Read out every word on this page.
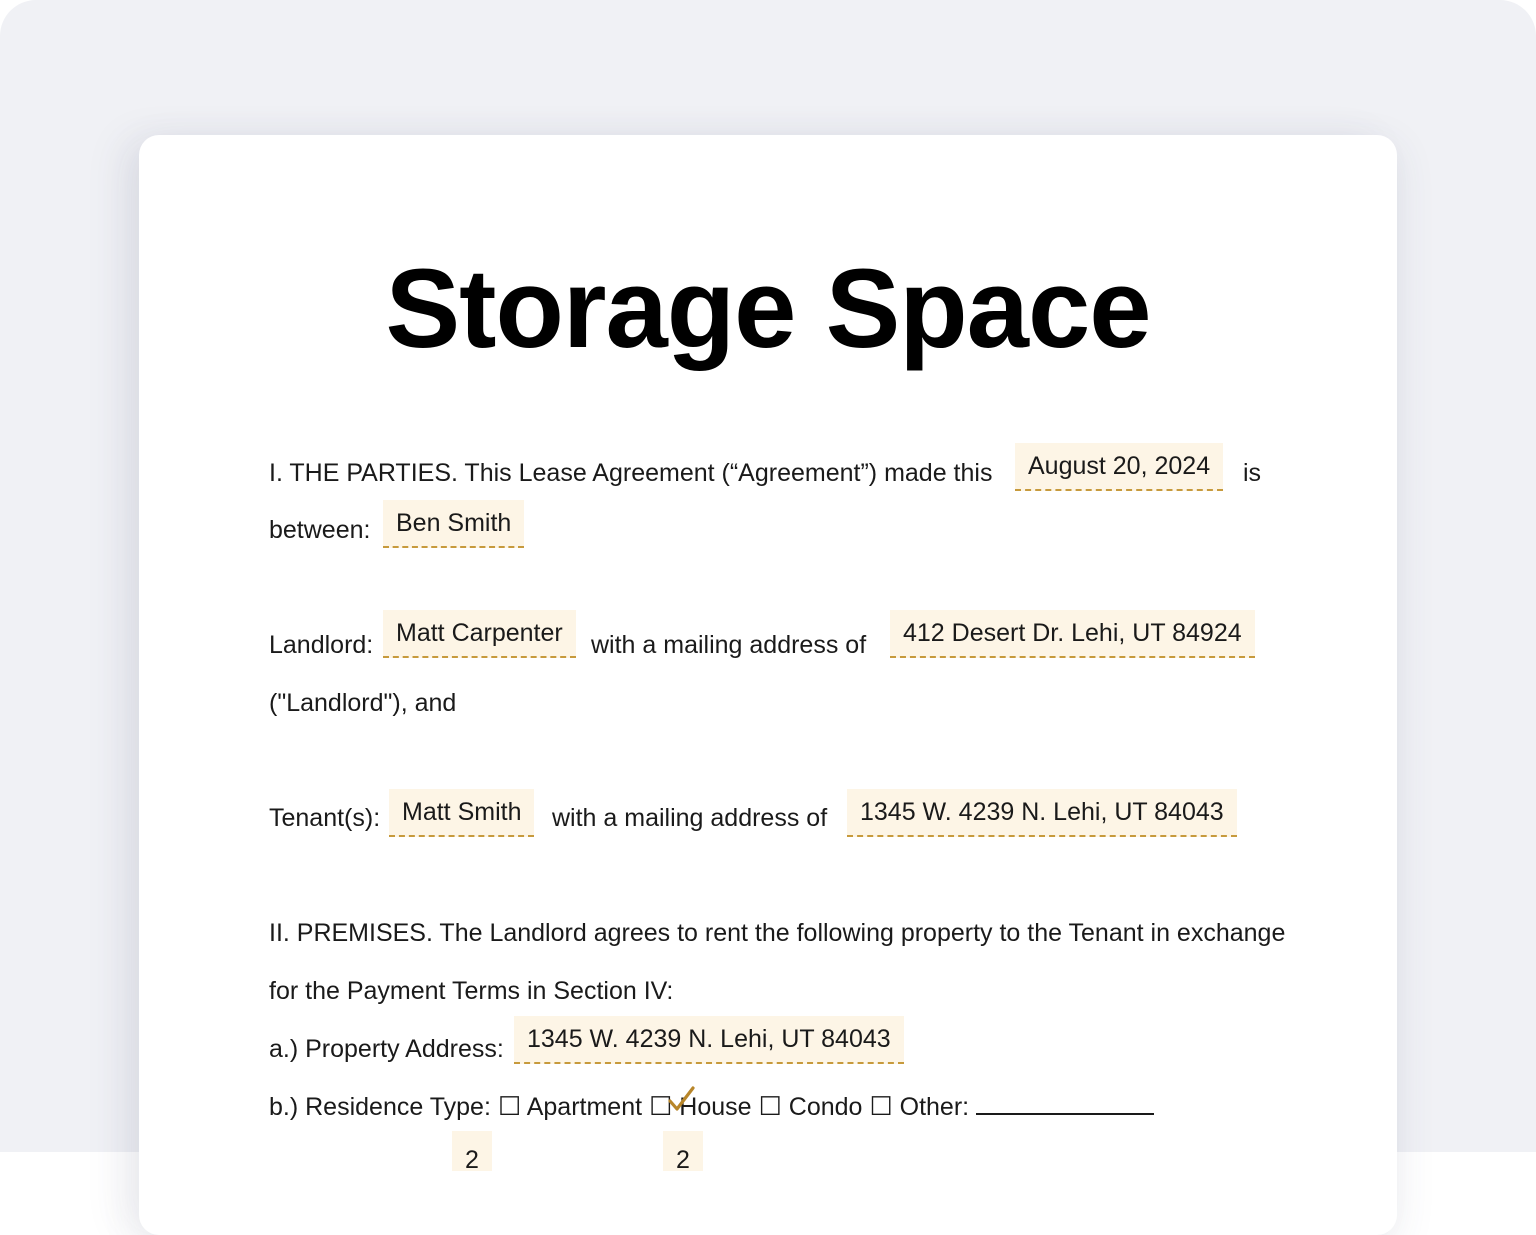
Storage Space
I. THE PARTIES. This Lease Agreement (“Agreement”) made this	August 20, 2024	is
between:	Ben Smith
Landlord: Matt Carpenter	with a mailing address of	412 Desert Dr. Lehi, UT 84924
("Landlord"), and
Tenant(s): Matt Smith	with a mailing address of	1345 W. 4239 N. Lehi, UT 84043
II. PREMISES. The Landlord agrees to rent the following property to the Tenant in exchange
for the Payment Terms in Section IV:
a.) Property Address: 1345 W. 4239 N. Lehi, UT 84043
b.) Residence Type: ☐ Apartment ☐ House ☐ Condo ☐ Other:
2	2
